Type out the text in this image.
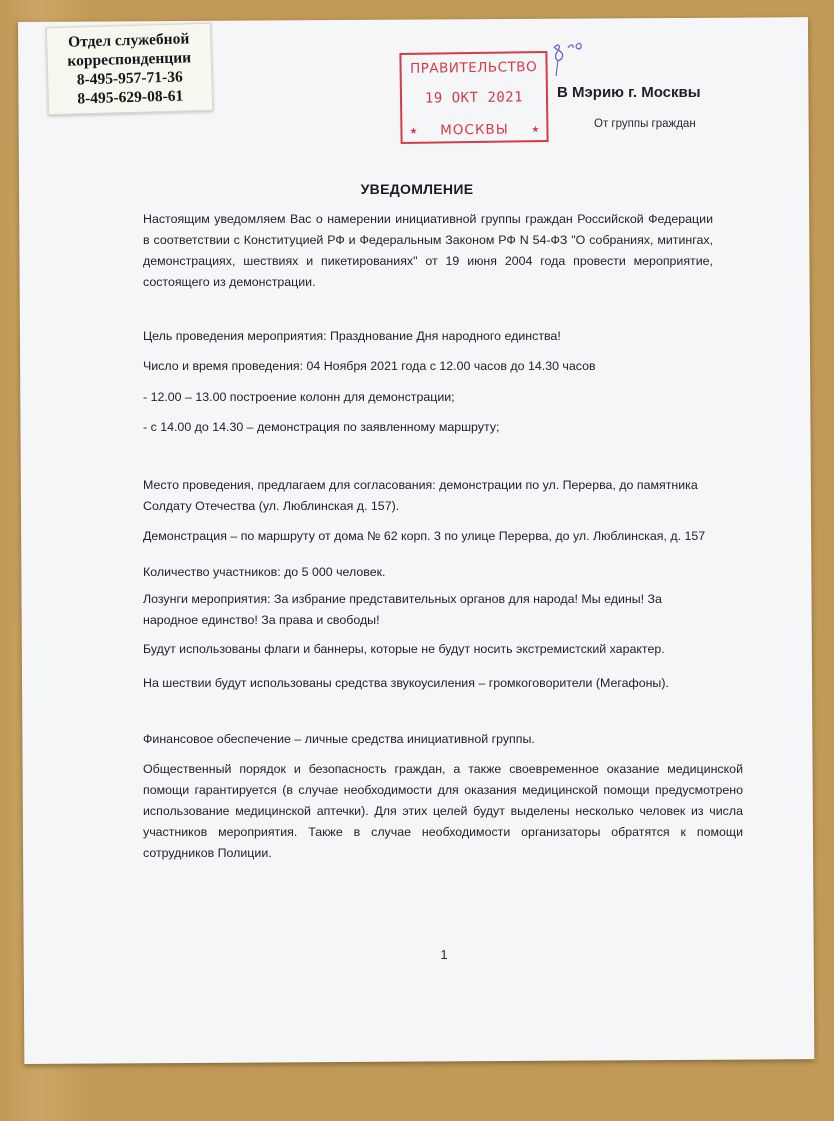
Отдел служебной
корреспонденции
8-495-957-71-36
8-495-629-08-61
ПРАВИТЕЛЬСТВО
19 ОКТ 2021
МОСКВЫ
★	★
В Мэрию г. Москвы
От группы граждан
УВЕДОМЛЕНИЕ
Настоящим уведомляем Вас о намерении инициативной группы граждан Российской Федерации в соответствии с Конституцией РФ и Федеральным Законом РФ N 54-ФЗ "О собраниях, митингах, демонстрациях, шествиях и пикетированиях" от 19 июня 2004 года провести мероприятие, состоящего из демонстрации.
Цель проведения мероприятия: Празднование Дня народного единства!
Число и время проведения: 04 Ноября 2021 года с 12.00 часов до 14.30 часов
- 12.00 – 13.00 построение колонн для демонстрации;
- с 14.00 до 14.30 – демонстрация по заявленному маршруту;
Место проведения, предлагаем для согласования: демонстрации по ул. Перерва, до памятника Солдату Отечества (ул. Люблинская д. 157).
Демонстрация – по маршруту от дома № 62 корп. 3 по улице Перерва, до ул. Люблинская, д. 157
Количество участников: до 5 000 человек.
Лозунги мероприятия: За избрание представительных органов для народа! Мы едины! За народное единство! За права и свободы!
Будут использованы флаги и баннеры, которые не будут носить экстремистский характер.
На шествии будут использованы средства звукоусиления – громкоговорители (Мегафоны).
Финансовое обеспечение – личные средства инициативной группы.
Общественный порядок и безопасность граждан, а также своевременное оказание медицинской помощи гарантируется (в случае необходимости для оказания медицинской помощи предусмотрено использование медицинской аптечки). Для этих целей будут выделены несколько человек из числа участников мероприятия. Также в случае необходимости организаторы обратятся к помощи сотрудников Полиции.
1
